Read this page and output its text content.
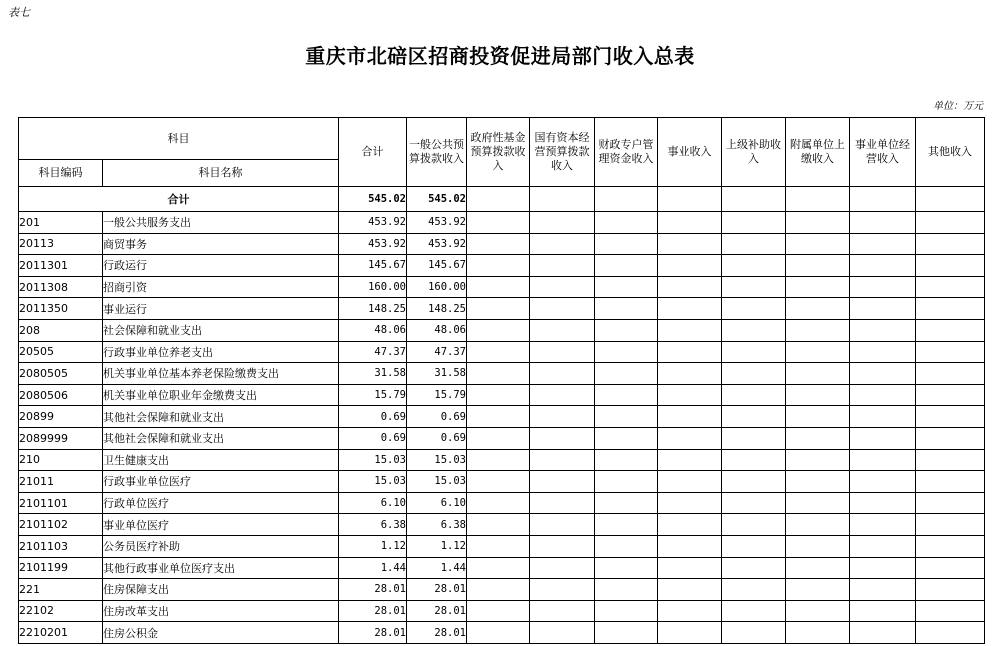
表七
重庆市北碚区招商投资促进局部门收入总表
单位：万元
科目		合计	一般公共预算拨款收入	政府性基金预算拨款收入	国有资本经营预算拨款收入	财政专户管理资金收入	事业收入	上级补助收入	附属单位上缴收入	事业单位经营收入	其他收入
科目编码	科目名称										
合计		545.02	545.02								
201	一般公共服务支出	453.92	453.92								
20113	商贸事务	453.92	453.92								
2011301	行政运行	145.67	145.67								
2011308	招商引资	160.00	160.00								
2011350	事业运行	148.25	148.25								
208	社会保障和就业支出	48.06	48.06								
20505	行政事业单位养老支出	47.37	47.37								
2080505	机关事业单位基本养老保险缴费支出	31.58	31.58								
2080506	机关事业单位职业年金缴费支出	15.79	15.79								
20899	其他社会保障和就业支出	0.69	0.69								
2089999	其他社会保障和就业支出	0.69	0.69								
210	卫生健康支出	15.03	15.03								
21011	行政事业单位医疗	15.03	15.03								
2101101	行政单位医疗	6.10	6.10								
2101102	事业单位医疗	6.38	6.38								
2101103	公务员医疗补助	1.12	1.12								
2101199	其他行政事业单位医疗支出	1.44	1.44								
221	住房保障支出	28.01	28.01								
22102	住房改革支出	28.01	28.01								
2210201	住房公积金	28.01	28.01								
